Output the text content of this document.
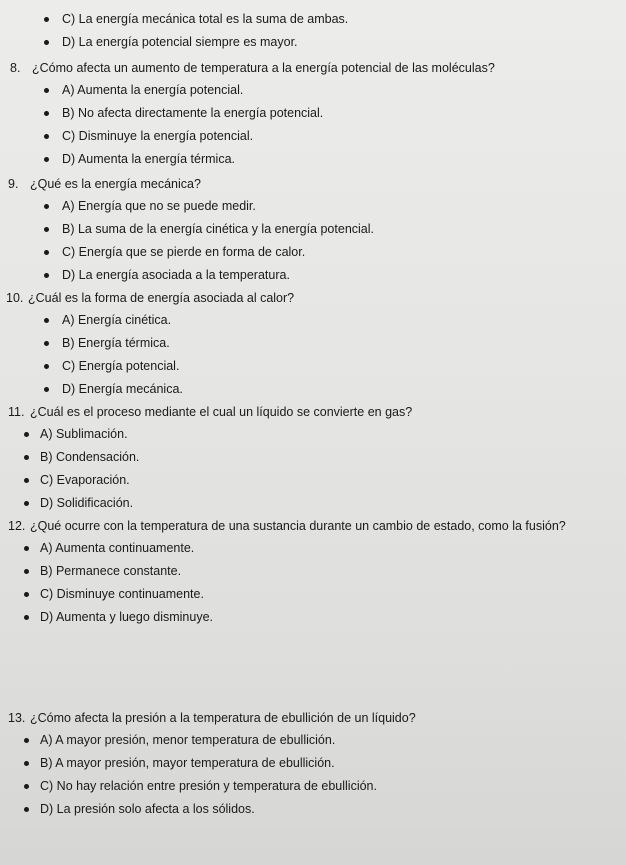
C) La energía mecánica total es la suma de ambas.
D) La energía potencial siempre es mayor.
8. ¿Cómo afecta un aumento de temperatura a la energía potencial de las moléculas?
A) Aumenta la energía potencial.
B) No afecta directamente la energía potencial.
C) Disminuye la energía potencial.
D) Aumenta la energía térmica.
9. ¿Qué es la energía mecánica?
A) Energía que no se puede medir.
B) La suma de la energía cinética y la energía potencial.
C) Energía que se pierde en forma de calor.
D) La energía asociada a la temperatura.
10. ¿Cuál es la forma de energía asociada al calor?
A) Energía cinética.
B) Energía térmica.
C) Energía potencial.
D) Energía mecánica.
11. ¿Cuál es el proceso mediante el cual un líquido se convierte en gas?
A) Sublimación.
B) Condensación.
C) Evaporación.
D) Solidificación.
12. ¿Qué ocurre con la temperatura de una sustancia durante un cambio de estado, como la fusión?
A) Aumenta continuamente.
B) Permanece constante.
C) Disminuye continuamente.
D) Aumenta y luego disminuye.
13. ¿Cómo afecta la presión a la temperatura de ebullición de un líquido?
A) A mayor presión, menor temperatura de ebullición.
B) A mayor presión, mayor temperatura de ebullición.
C) No hay relación entre presión y temperatura de ebullición.
D) La presión solo afecta a los sólidos.
